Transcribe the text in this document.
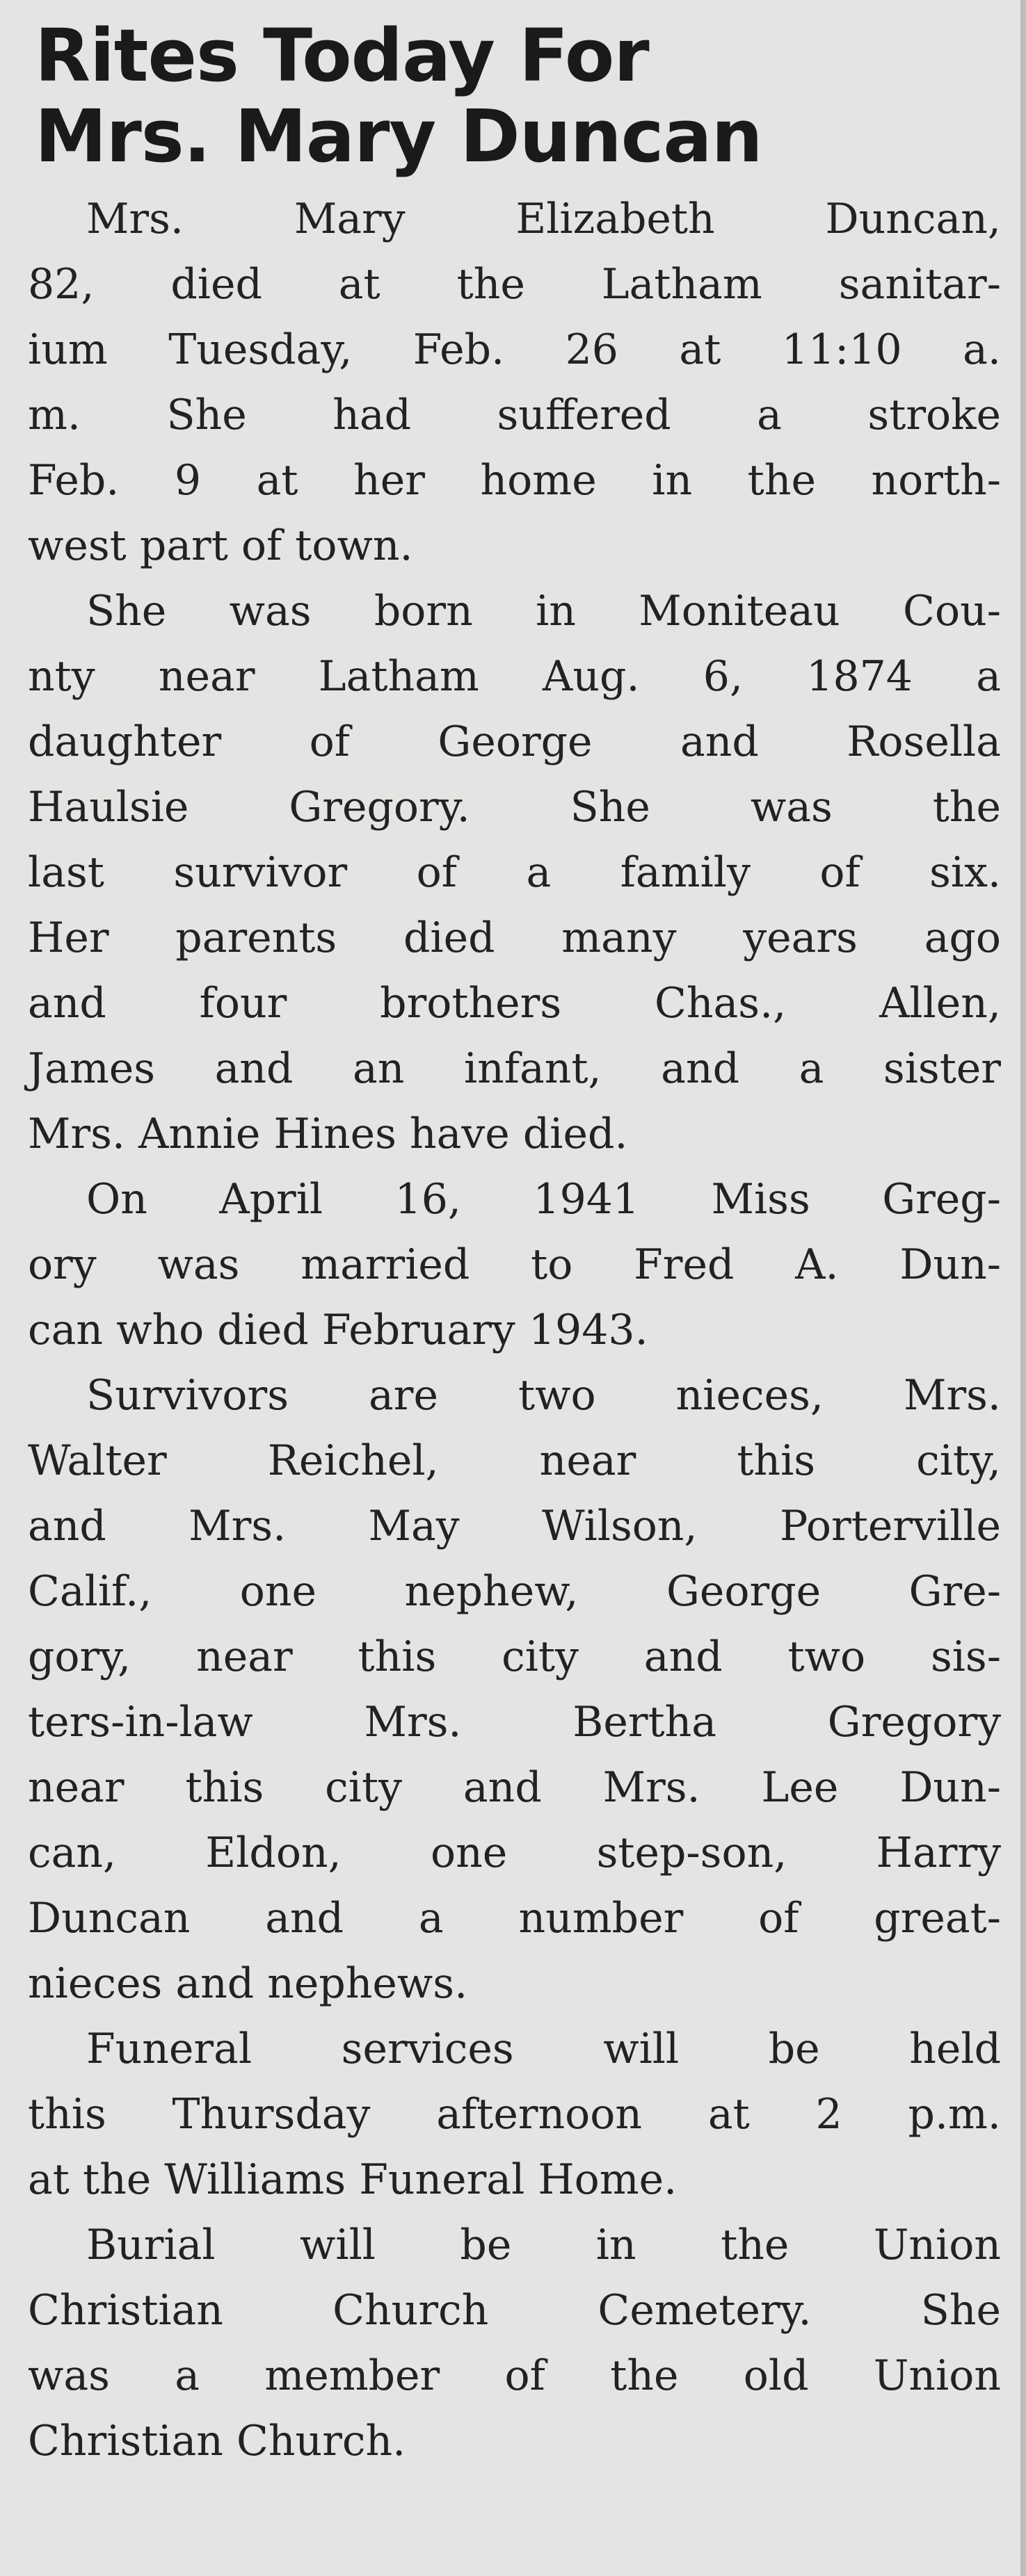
Rites Today For
Mrs. Mary Duncan
Mrs. Mary Elizabeth Duncan,
82, died at the Latham sanitar-
ium Tuesday, Feb. 26 at 11:10 a.
m. She had suffered a stroke
Feb. 9 at her home in the north-
west part of town.
She was born in Moniteau Cou-
nty near Latham Aug. 6, 1874 a
daughter of George and Rosella
Haulsie Gregory. She was the
last survivor of a family of six.
Her parents died many years ago
and four brothers Chas., Allen,
James and an infant, and a sister
Mrs. Annie Hines have died.
On April 16, 1941 Miss Greg-
ory was married to Fred A. Dun-
can who died February 1943.
Survivors are two nieces, Mrs.
Walter Reichel, near this city,
and Mrs. May Wilson, Porterville
Calif., one nephew, George Gre-
gory, near this city and two sis-
ters-in-law Mrs. Bertha Gregory
near this city and Mrs. Lee Dun-
can, Eldon, one step-son, Harry
Duncan and a number of great-
nieces and nephews.
Funeral services will be held
this Thursday afternoon at 2 p.m.
at the Williams Funeral Home.
Burial will be in the Union
Christian Church Cemetery. She
was a member of the old Union
Christian Church.
